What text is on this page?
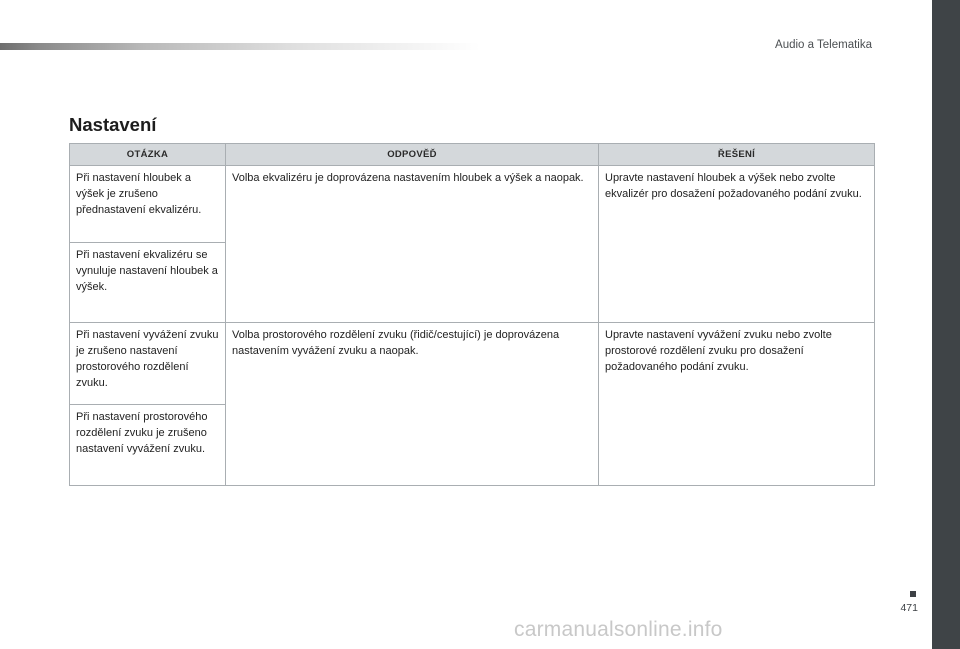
Audio a Telematika
Nastavení
OTÁZKA	ODPOVĚĎ	ŘEŠENÍ
Při nastavení hloubek a výšek je zrušeno přednastavení ekvalizéru.	Volba ekvalizéru je doprovázena nastavením hloubek a výšek a naopak.	Upravte nastavení hloubek a výšek nebo zvolte ekvalizér pro dosažení požadovaného podání zvuku.
Při nastavení ekvalizéru se vynuluje nastavení hloubek a výšek.		
Při nastavení vyvážení zvuku je zrušeno nastavení prostorového rozdělení zvuku.	Volba prostorového rozdělení zvuku (řidič/cestující) je doprovázena nastavením vyvážení zvuku a naopak.	Upravte nastavení vyvážení zvuku nebo zvolte prostorové rozdělení zvuku pro dosažení požadovaného podání zvuku.
Při nastavení prostorového rozdělení zvuku je zrušeno nastavení vyvážení zvuku.		
471
carmanualsonline.info
